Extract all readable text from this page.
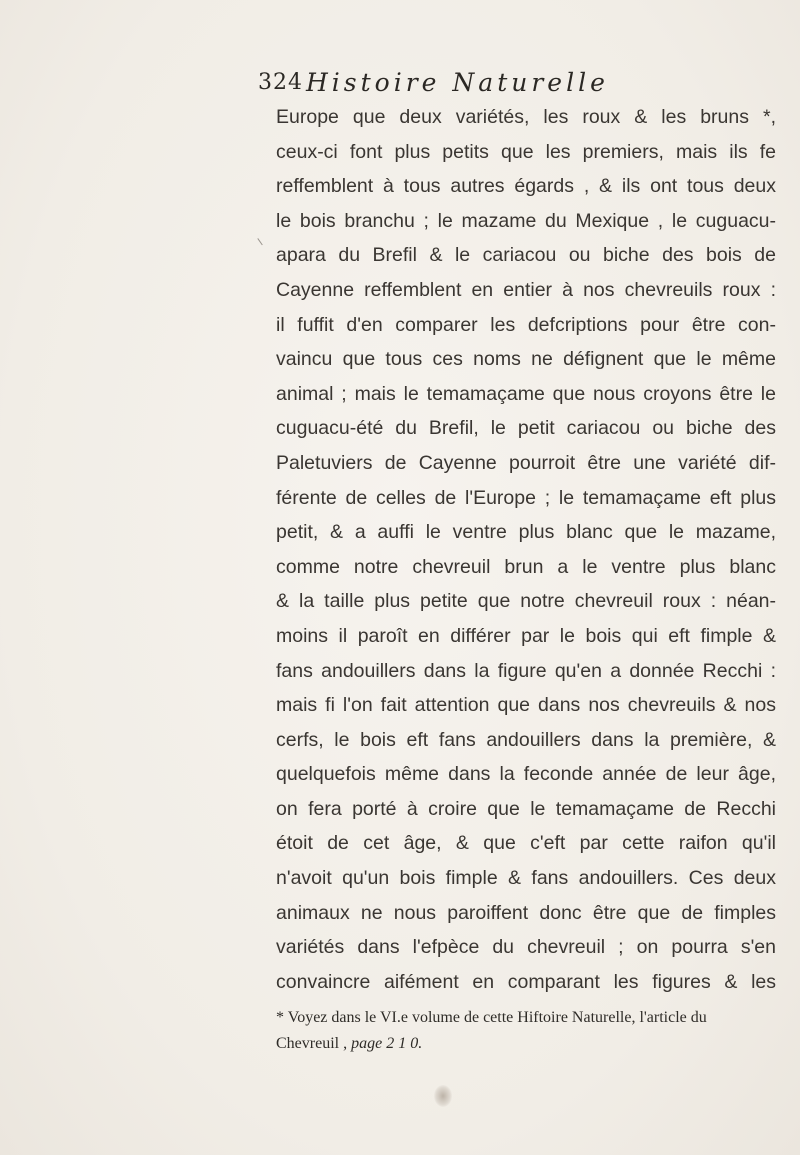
324 Histoire Naturelle
Europe que deux variétés, les roux & les bruns *,
ceux-ci font plus petits que les premiers, mais ils fe
reffemblent à tous autres égards , & ils ont tous deux
le bois branchu ; le mazame du Mexique , le cuguacu-
apara du Brefil & le cariacou ou biche des bois de
Cayenne reffemblent en entier à nos chevreuils roux :
il fuffit d'en comparer les defcriptions pour être con-
vaincu que tous ces noms ne défignent que le même
animal ; mais le temamaçame que nous croyons être le
cuguacu-été du Brefil, le petit cariacou ou biche des
Paletuviers de Cayenne pourroit être une variété dif-
férente de celles de l'Europe ; le temamaçame eft plus
petit, & a auffi le ventre plus blanc que le mazame,
comme notre chevreuil brun a le ventre plus blanc
& la taille plus petite que notre chevreuil roux : néan-
moins il paroît en différer par le bois qui eft fimple &
fans andouillers dans la figure qu'en a donnée Recchi :
mais fi l'on fait attention que dans nos chevreuils & nos
cerfs, le bois eft fans andouillers dans la première, &
quelquefois même dans la feconde année de leur âge,
on fera porté à croire que le temamaçame de Recchi
étoit de cet âge, & que c'eft par cette raifon qu'il
n'avoit qu'un bois fimple & fans andouillers. Ces deux
animaux ne nous paroiffent donc être que de fimples
variétés dans l'efpèce du chevreuil ; on pourra s'en
convaincre aifément en comparant les figures & les
* Voyez dans le VI.e volume de cette Hiftoire Naturelle, l'article du
Chevreuil , page 2 1 0.
